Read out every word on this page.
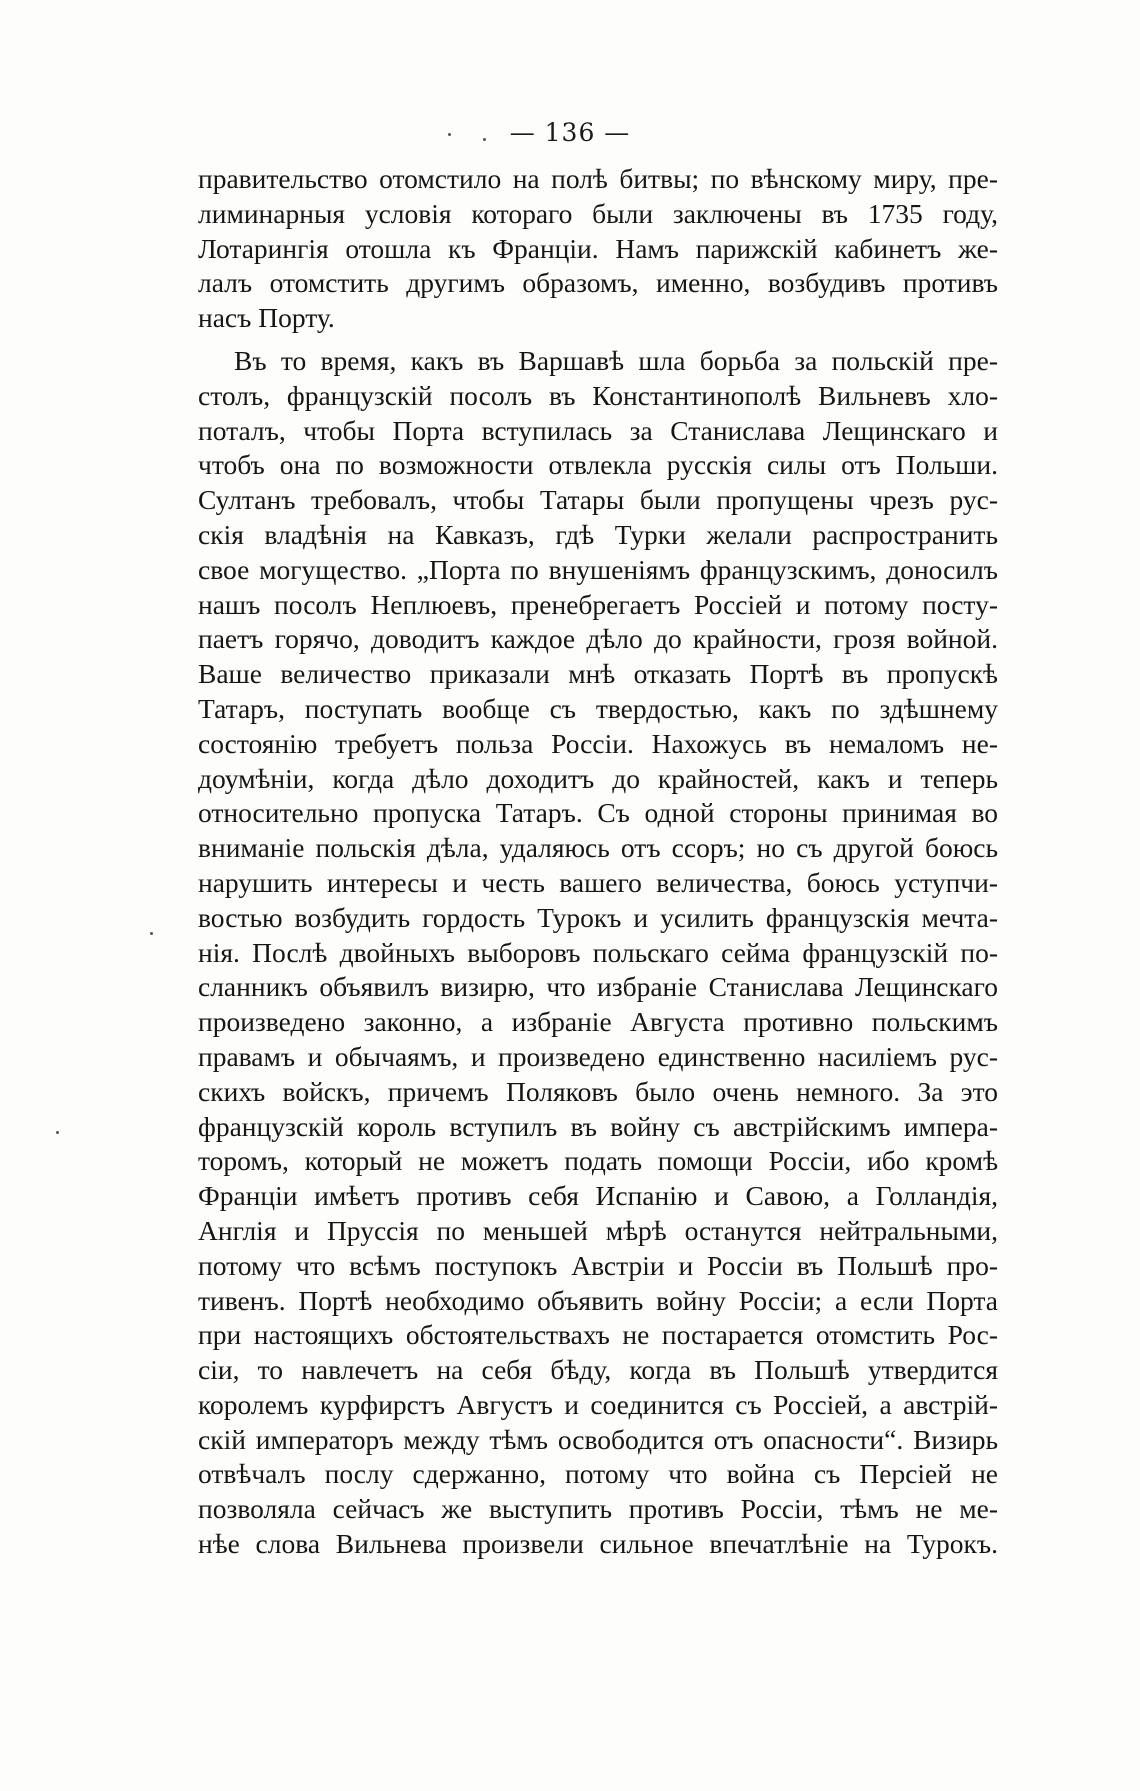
— 136 —
правительство отомстило на полѣ битвы; по вѣнскому миру, пре-
лиминарныя условія котораго были заключены въ 1735 году,
Лотарингія отошла къ Франціи. Намъ парижскій кабинетъ же-
лалъ отомстить другимъ образомъ, именно, возбудивъ противъ
насъ Порту.
Въ то время, какъ въ Варшавѣ шла борьба за польскій пре-
столъ, французскій посолъ въ Константинополѣ Вильневъ хло-
поталъ, чтобы Порта вступилась за Станислава Лещинскаго и
чтобъ она по возможности отвлекла русскія силы отъ Польши.
Султанъ требовалъ, чтобы Татары были пропущены чрезъ рус-
скія владѣнія на Кавказъ, гдѣ Турки желали распространить
свое могущество. „Порта по внушеніямъ французскимъ, доносилъ
нашъ посолъ Неплюевъ, пренебрегаетъ Россіей и потому посту-
паетъ горячо, доводитъ каждое дѣло до крайности, грозя войной.
Ваше величество приказали мнѣ отказать Портѣ въ пропускѣ
Татаръ, поступать вообще съ твердостью, какъ по здѣшнему
состоянію требуетъ польза Россіи. Нахожусь въ немаломъ не-
доумѣніи, когда дѣло доходитъ до крайностей, какъ и теперь
относительно пропуска Татаръ. Съ одной стороны принимая во
вниманіе польскія дѣла, удаляюсь отъ ссоръ; но съ другой боюсь
нарушить интересы и честь вашего величества, боюсь уступчи-
востью возбудить гордость Турокъ и усилить французскія мечта-
нія. Послѣ двойныхъ выборовъ польскаго сейма французскій по-
сланникъ объявилъ визирю, что избраніе Станислава Лещинскаго
произведено законно, а избраніе Августа противно польскимъ
правамъ и обычаямъ, и произведено единственно насиліемъ рус-
скихъ войскъ, причемъ Поляковъ было очень немного. За это
французскій король вступилъ въ войну съ австрійскимъ импера-
торомъ, который не можетъ подать помощи Россіи, ибо кромѣ
Франціи имѣетъ противъ себя Испанію и Савою, а Голландія,
Англія и Пруссія по меньшей мѣрѣ останутся нейтральными,
потому что всѣмъ поступокъ Австріи и Россіи въ Польшѣ про-
тивенъ. Портѣ необходимо объявить войну Россіи; а если Порта
при настоящихъ обстоятельствахъ не постарается отомстить Рос-
сіи, то навлечетъ на себя бѣду, когда въ Польшѣ утвердится
королемъ курфирстъ Августъ и соединится съ Россіей, а австрій-
скій императоръ между тѣмъ освободится отъ опасности“. Визирь
отвѣчалъ послу сдержанно, потому что война съ Персіей не
позволяла сейчасъ же выступить противъ Россіи, тѣмъ не ме-
нѣе слова Вильнева произвели сильное впечатлѣніе на Турокъ.
